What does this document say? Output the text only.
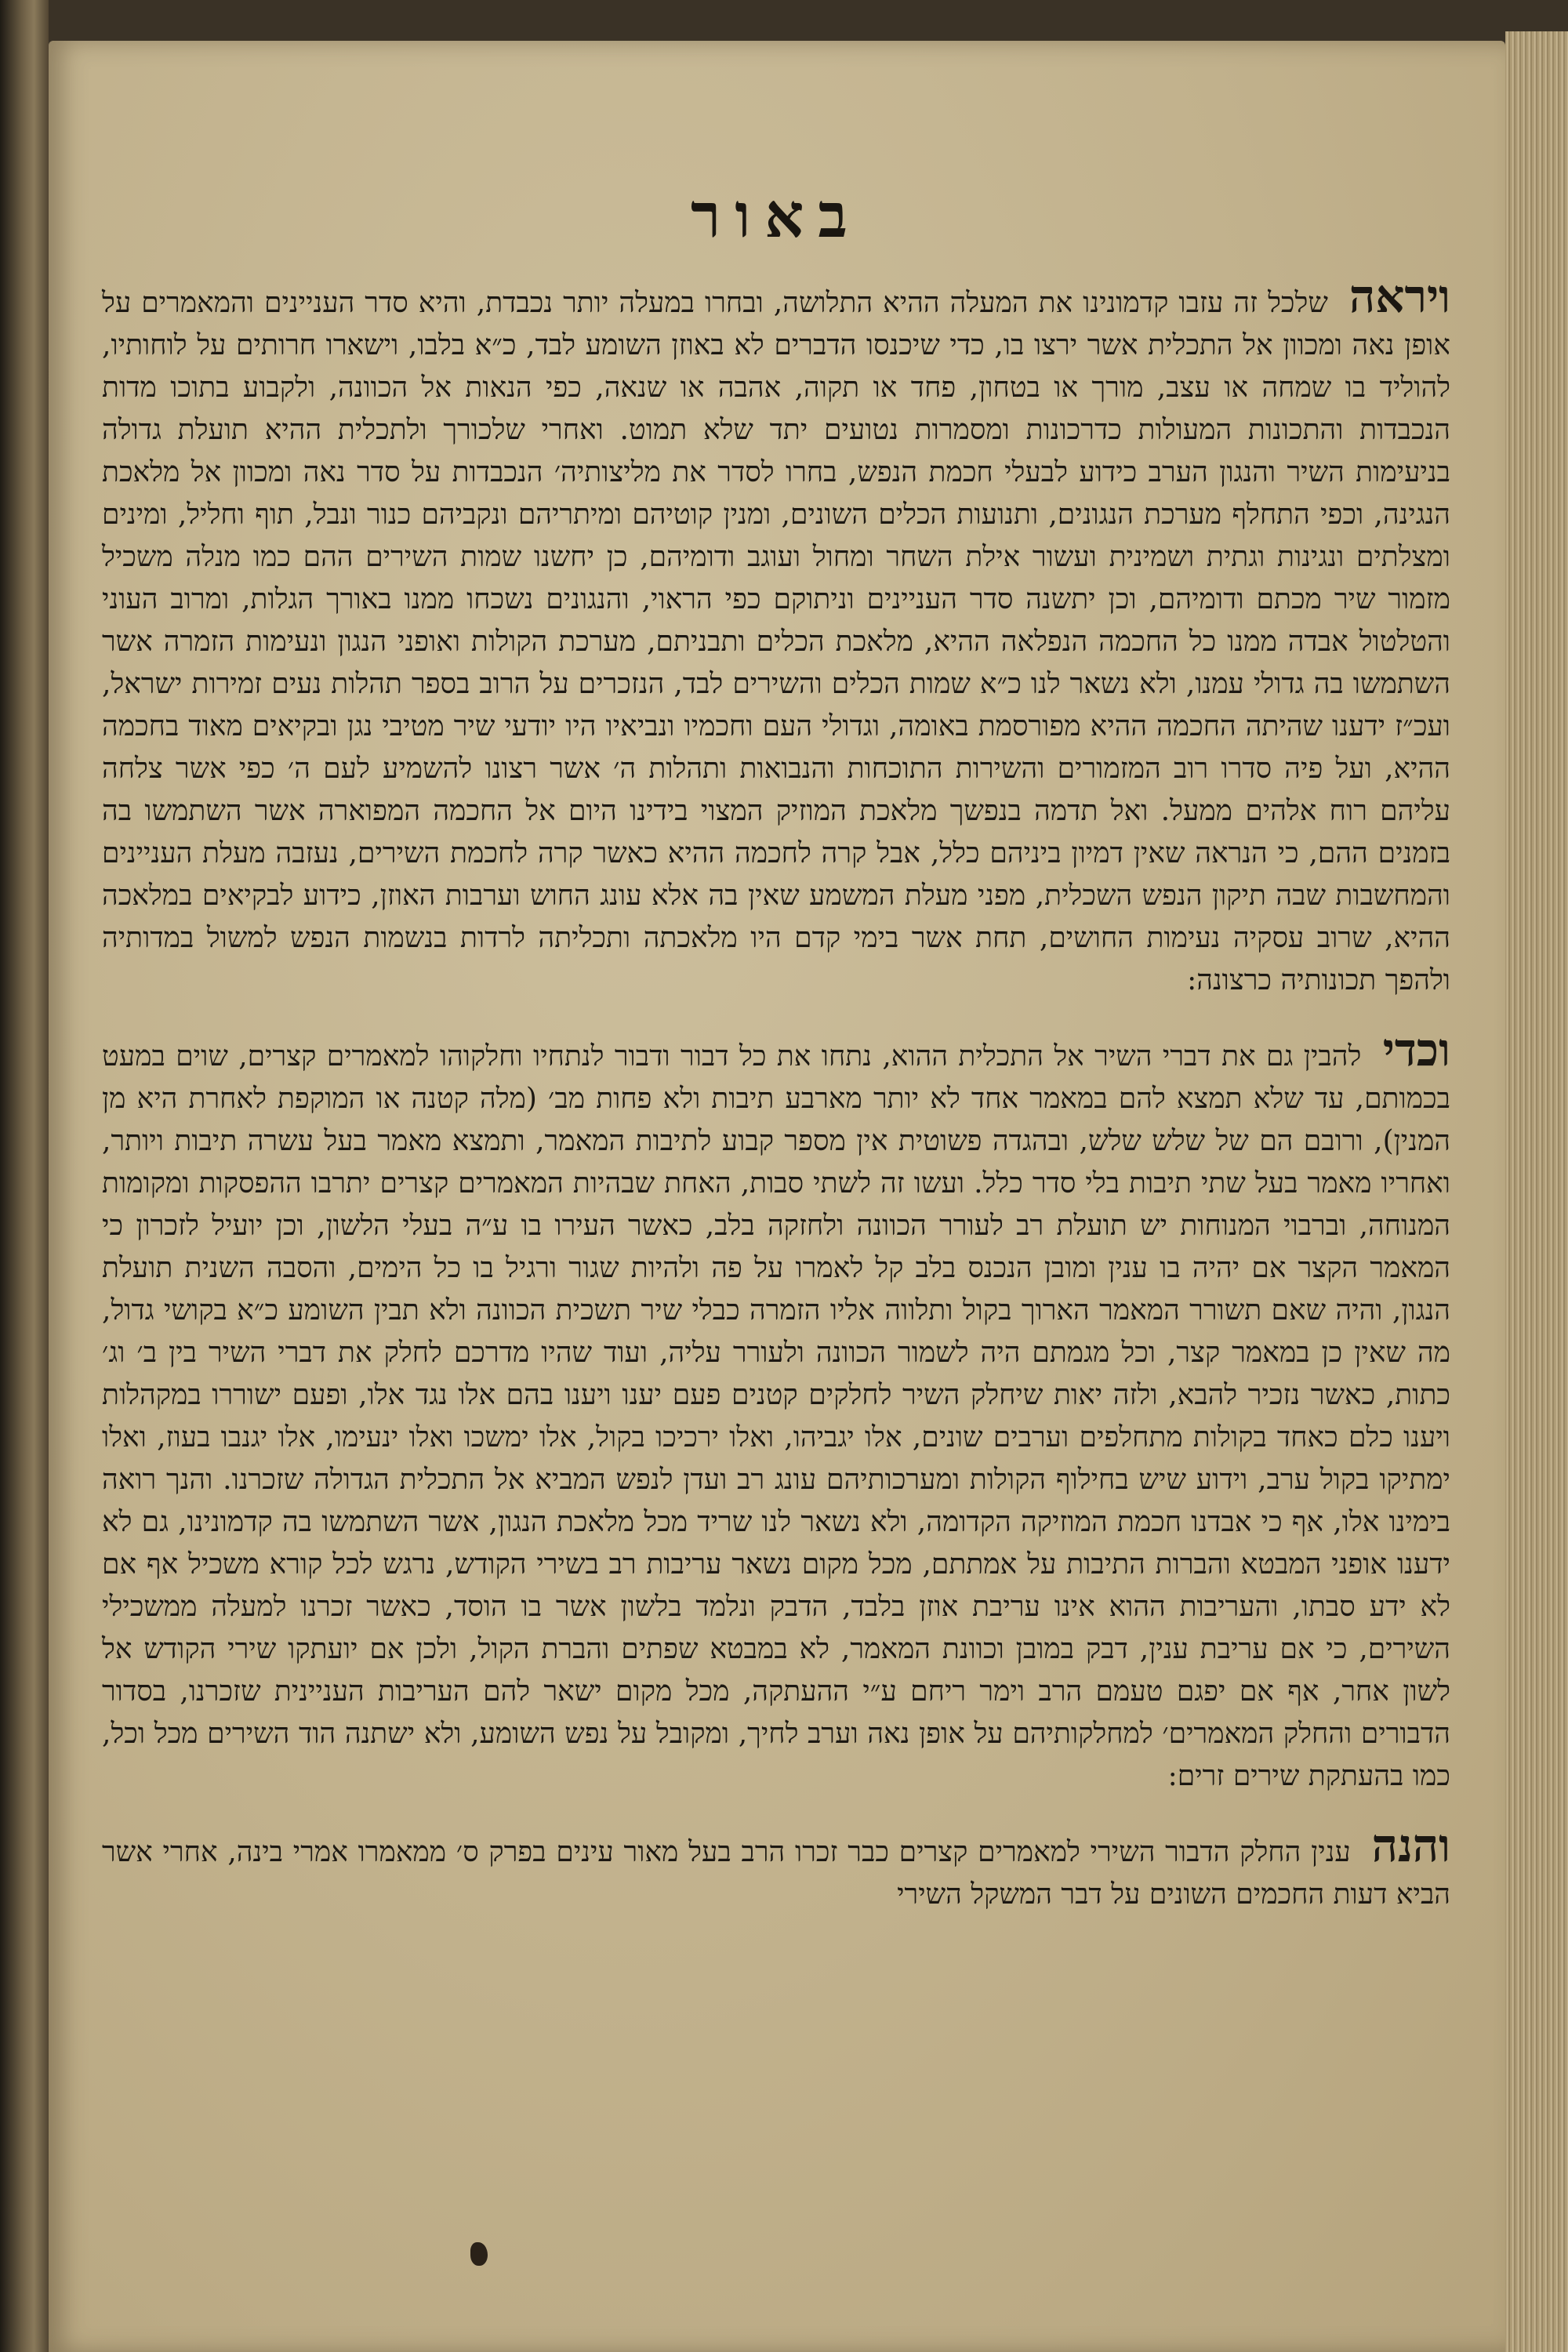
באור

ויראה שלכל זה עזבו קדמונינו את המעלה ההיא התלושה, ובחרו במעלה יותר נכבדת, והיא סדר העניינים והמאמרים על אופן נאה ומכוון אל התכלית אשר ירצו בו, כדי שיכנסו הדברים לא באוזן השומע לבד, כ״א בלבו, וישארו חרותים על לוחותיו, להוליד בו שמחה או עצב, מורך או בטחון, פחד או תקוה, אהבה או שנאה, כפי הנאות אל הכוונה, ולקבוע בתוכו מדות הנכבדות והתכונות המעולות כדרכונות ומסמרות נטועים יתד שלא תמוט. ואחרי שלכורך ולתכלית ההיא תועלת גדולה בניעימות השיר והנגון הערב כידוע לבעלי חכמת הנפש, בחרו לסדר את מליצותיה׳ הנכבדות על סדר נאה ומכוון אל מלאכת הנגינה, וכפי התחלף מערכת הנגונים, ותנועות הכלים השונים, ומנין קוטיהם ומיתריהם ונקביהם כנור ונבל, תוף וחליל, ומינים ומצלתים ונגינות וגתית ושמינית ועשור אילת השחר ומחול ועוגב ודומיהם, כן יחשנו שמות השירים ההם כמו מנלה משכיל מזמור שיר מכתם ודומיהם, וכן יתשנה סדר העניינים וניתוקם כפי הראוי, והנגונים נשכחו ממנו באורך הגלות, ומרוב העוני והטלטול אבדה ממנו כל החכמה הנפלאה ההיא, מלאכת הכלים ותבניתם, מערכת הקולות ואופני הנגון ונעימות הזמרה אשר השתמשו בה גדולי עמנו, ולא נשאר לנו כ״א שמות הכלים והשירים לבד, הנזכרים על הרוב בספר תהלות נעים זמירות ישראל, ועכ״ז ידענו שהיתה החכמה ההיא מפורסמת באומה, וגדולי העם וחכמיו ונביאיו היו יודעי שיר מטיבי נגן ובקיאים מאוד בחכמה ההיא, ועל פיה סדרו רוב המזמורים והשירות התוכחות והנבואות ותהלות ה׳ אשר רצונו להשמיע לעם ה׳ כפי אשר צלחה עליהם רוח אלהים ממעל. ואל תדמה בנפשך מלאכת המוזיק המצוי בידינו היום אל החכמה המפוארה אשר השתמשו בה בזמנים ההם, כי הנראה שאין דמיון ביניהם כלל, אבל קרה לחכמה ההיא כאשר קרה לחכמת השירים, נעזבה מעלת העניינים והמחשבות שבה תיקון הנפש השכלית, מפני מעלת המשמע שאין בה אלא עונג החוש וערבות האוזן, כידוע לבקיאים במלאכה ההיא, שרוב עסקיה נעימות החושים, תחת אשר בימי קדם היו מלאכתה ותכליתה לרדות בנשמות הנפש למשול במדותיה ולהפך תכונותיה כרצונה:

וכדי להבין גם את דברי השיר אל התכלית ההוא, נתחו את כל דבור ודבור לנתחיו וחלקוהו למאמרים קצרים, שוים במעט בכמותם, עד שלא תמצא להם במאמר אחד לא יותר מארבע תיבות ולא פחות מב׳ (מלה קטנה או המוקפת לאחרת היא מן המנין), ורובם הם של שלש שלש, ובהגדה פשוטית אין מספר קבוע לתיבות המאמר, ותמצא מאמר בעל עשרה תיבות ויותר, ואחריו מאמר בעל שתי תיבות בלי סדר כלל. ועשו זה לשתי סבות, האחת שבהיות המאמרים קצרים יתרבו ההפסקות ומקומות המנוחה, וברבוי המנוחות יש תועלת רב לעורר הכוונה ולחזקה בלב, כאשר העירו בו ע״ה בעלי הלשון, וכן יועיל לזכרון כי המאמר הקצר אם יהיה בו ענין ומובן הנכנס בלב קל לאמרו על פה ולהיות שגור ורגיל בו כל הימים, והסבה השנית תועלת הנגון, והיה שאם תשורר המאמר הארוך בקול ותלווה אליו הזמרה כבלי שיר תשכית הכוונה ולא תבין השומע כ״א בקושי גדול, מה שאין כן במאמר קצר, וכל מגמתם היה לשמור הכוונה ולעורר עליה, ועוד שהיו מדרכם לחלק את דברי השיר בין ב׳ וג׳ כתות, כאשר נזכיר להבא, ולזה יאות שיחלק השיר לחלקים קטנים פעם יענו ויענו בהם אלו נגד אלו, ופעם ישוררו במקהלות ויענו כלם כאחד בקולות מתחלפים וערבים שונים, אלו יגביהו, ואלו ירכיכו בקול, אלו ימשכו ואלו ינעימו, אלו יגנבו בעוז, ואלו ימתיקו בקול ערב, וידוע שיש בחילוף הקולות ומערכותיהם עונג רב ועדן לנפש המביא אל התכלית הגדולה שזכרנו. והנך רואה בימינו אלו, אף כי אבדנו חכמת המוזיקה הקדומה, ולא נשאר לנו שריד מכל מלאכת הנגון, אשר השתמשו בה קדמונינו, גם לא ידענו אופני המבטא והברות התיבות על אמתתם, מכל מקום נשאר עריבות רב בשירי הקודש, נרגש לכל קורא משכיל אף אם לא ידע סבתו, והעריבות ההוא אינו עריבת אוזן בלבד, הדבק ונלמד בלשון אשר בו הוסד, כאשר זכרנו למעלה ממשכילי השירים, כי אם עריבת ענין, דבק במובן וכוונת המאמר, לא במבטא שפתים והברת הקול, ולכן אם יועתקו שירי הקודש אל לשון אחר, אף אם יפגם טעמם הרב וימר ריחם ע״י ההעתקה, מכל מקום ישאר להם העריבות העניינית שזכרנו, בסדור הדבורים והחלק המאמרים׳ למחלקותיהם על אופן נאה וערב לחיך, ומקובל על נפש השומע, ולא ישתנה הוד השירים מכל וכל, כמו בהעתקת שירים זרים:

והנה ענין החלק הדבור השירי למאמרים קצרים כבר זכרו הרב בעל מאור עינים בפרק ס׳ ממאמרו אמרי בינה, אחרי אשר הביא דעות החכמים השונים על דבר המשקל השירי
